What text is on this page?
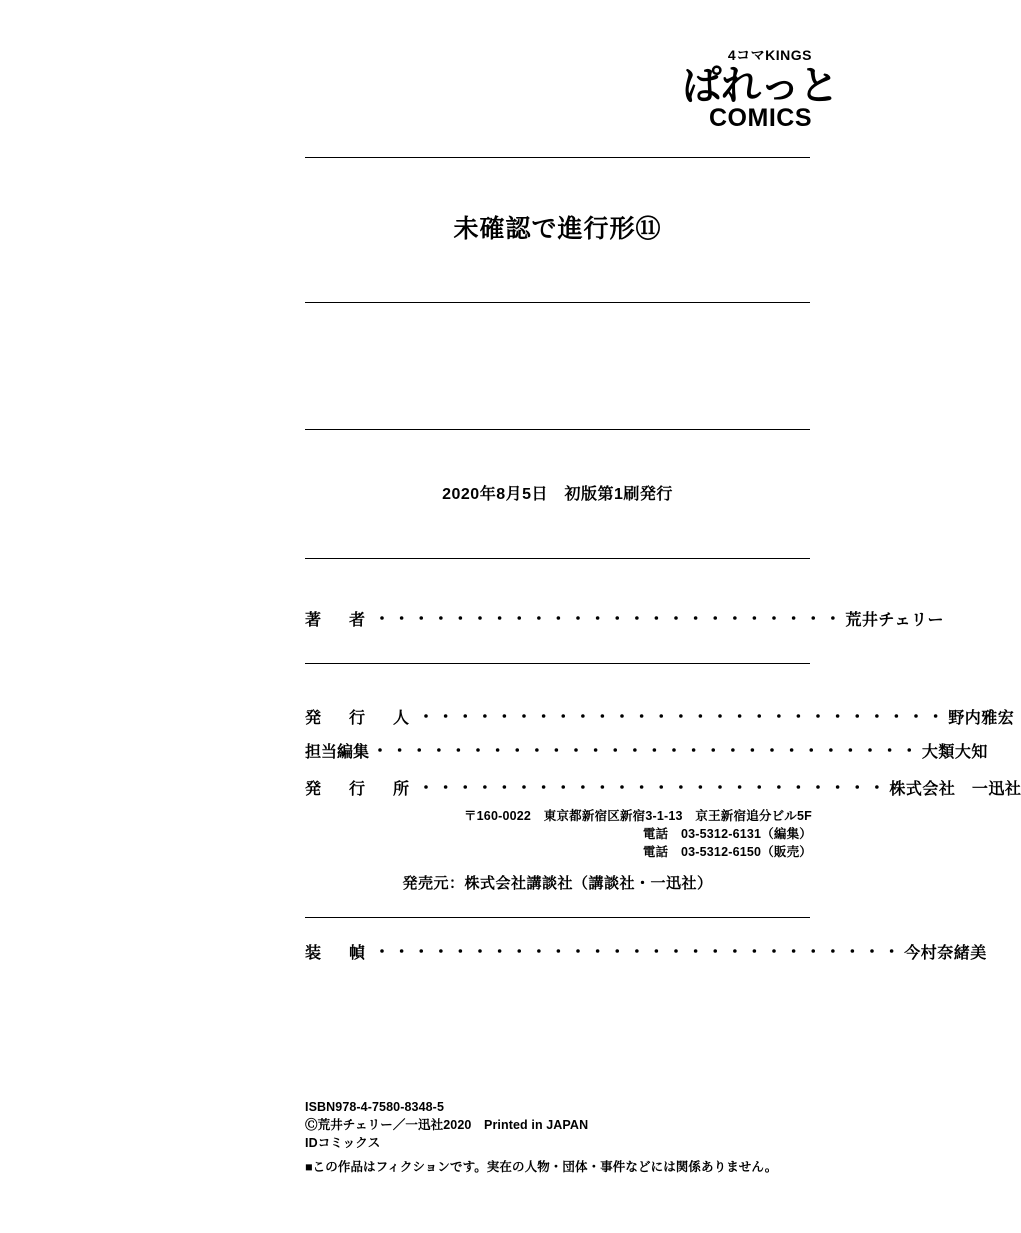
4コマKINGS
ぱれっと
COMICS
未確認で進行形⑪
2020年8月5日　初版第1刷発行
著　者 ・・・・・・・・・・・・・・・・・・・・・・・・ 荒井チェリー
発　行　人 ・・・・・・・・・・・・・・・・・・・・・・・・・・・ 野内雅宏
担当編集 ・・・・・・・・・・・・・・・・・・・・・・・・・・・・ 大類大知
発　行　所 ・・・・・・・・・・・・・・・・・・・・・・・・ 株式会社　一迅社
〒160-0022　東京都新宿区新宿3-1-13　京王新宿追分ビル5F
電話　03-5312-6131（編集）
電話　03-5312-6150（販売）
発売元：株式会社講談社（講談社・一迅社）
装　幀 ・・・・・・・・・・・・・・・・・・・・・・・・・・・ 今村奈緒美
ISBN978-4-7580-8348-5
Ⓒ荒井チェリー／一迅社2020　Printed in JAPAN
IDコミックス
■この作品はフィクションです。実在の人物・団体・事件などには関係ありません。
